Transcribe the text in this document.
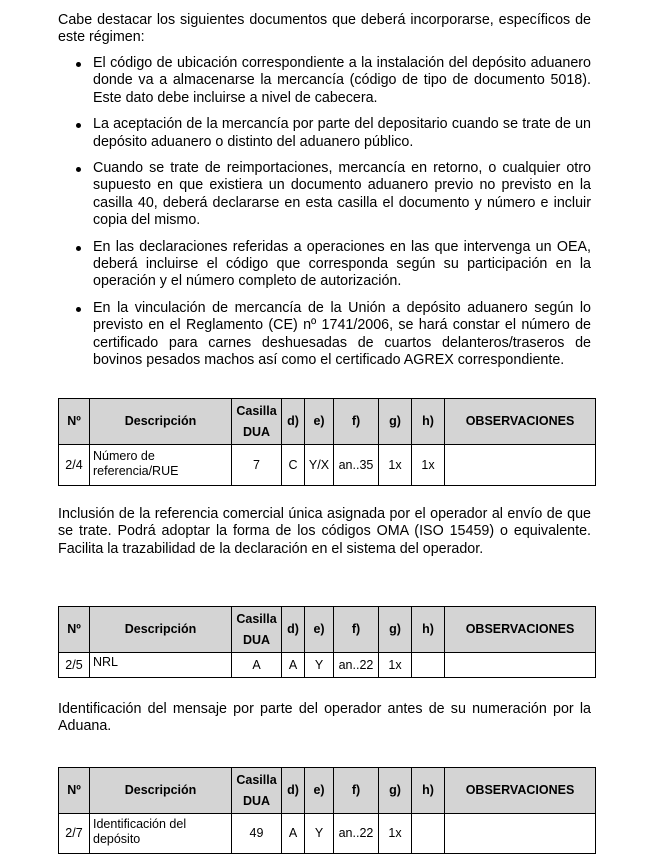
Cabe destacar los siguientes documentos que deberá incorporarse, específicos de este régimen:

El código de ubicación correspondiente a la instalación del depósito aduanero donde va a almacenarse la mercancía (código de tipo de documento 5018). Este dato debe incluirse a nivel de cabecera.
La aceptación de la mercancía por parte del depositario cuando se trate de un depósito aduanero o distinto del aduanero público.
Cuando se trate de reimportaciones, mercancía en retorno, o cualquier otro supuesto en que existiera un documento aduanero previo no previsto en la casilla 40, deberá declararse en esta casilla el documento y número e incluir copia del mismo.
En las declaraciones referidas a operaciones en las que intervenga un OEA, deberá incluirse el código que corresponda según su participación en la operación y el número completo de autorización.
En la vinculación de mercancía de la Unión a depósito aduanero según lo previsto en el Reglamento (CE) nº 1741/2006, se hará constar el número de certificado para carnes deshuesadas de cuartos delanteros/traseros de bovinos pesados machos así como el certificado AGREX correspondiente.
Nº	Descripción	Casilla
DUA	d)	e)	f)	g)	h)	OBSERVACIONES
2/4	Número de referencia/RUE	7	C	Y/X	an..35	1x	1x	

Inclusión de la referencia comercial única asignada por el operador al envío de que se trate. Podrá adoptar la forma de los códigos OMA (ISO 15459) o equivalente. Facilita la trazabilidad de la declaración en el sistema del operador.

Nº	Descripción	Casilla
DUA	d)	e)	f)	g)	h)	OBSERVACIONES
2/5	NRL	A	A	Y	an..22	1x		

Identificación del mensaje por parte del operador antes de su numeración por la Aduana.

Nº	Descripción	Casilla
DUA	d)	e)	f)	g)	h)	OBSERVACIONES
2/7	Identificación del depósito	49	A	Y	an..22	1x		
